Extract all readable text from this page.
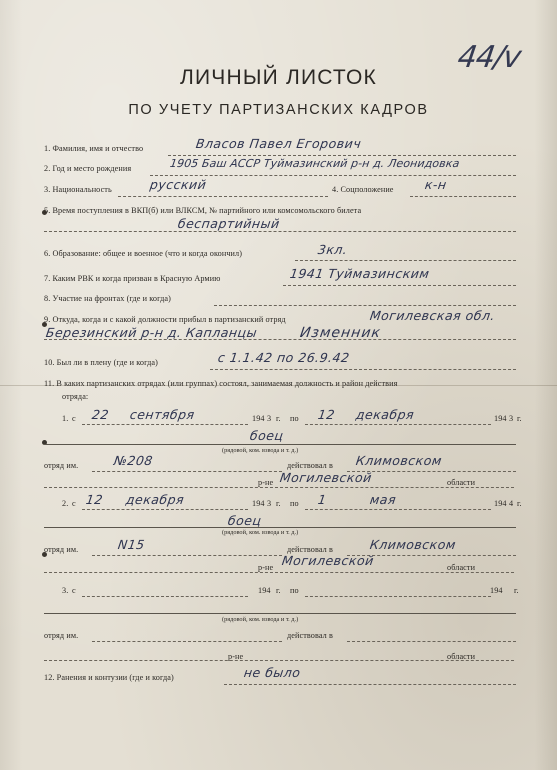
44/v
ЛИЧНЫЙ ЛИСТОК
ПО УЧЕТУ ПАРТИЗАНСКИХ КАДРОВ
1. Фамилия, имя и отчество	Власов Павел Егорович
2. Год и место рождения	1905 Баш АССР Туймазинский р-н д. Леонидовка
3. Национальность	русский	4. Соцположение к-н
5. Время поступления в ВКП(б) или ВЛКСМ, № партийного или комсомольского билета
беспартийный
6. Образование: общее и военное (что и когда окончил)	3кл.
7. Каким РВК и когда призван в Красную Армию	1941 Туймазинским
8. Участие на фронтах (где и когда)
9. Откуда, когда и с какой должности прибыл в партизанский отряд	Могилевская обл.
Березинский р-н д. Капланцы	Изменник
10. Был ли в плену (где и когда)	с 1.1.42 по 26.9.42
11. В каких партизанских отрядах (или группах) состоял, занимаемая должность и район действия
отряда:
1. с 22 сентября	194 3 г. по 12 декабря	194 3 г.
боец
(рядовой, ком. взвода и т. д.)
отряд им.	№208	действовал в Климовском
Могилевской
р-не	области
2. с 12 декабря	194 3 г. по 1	мая	194 4 г.
боец
(рядовой, ком. взвода и т. д.)
отряд им.	N15	действовал в	Климовском
Могилевской
р-не	области
3. с	194 г. по	194 г.
(рядовой, ком. взвода и т. д.)
отряд им.	действовал в
р-не	области
12. Ранения и контузии (где и когда)	не было
